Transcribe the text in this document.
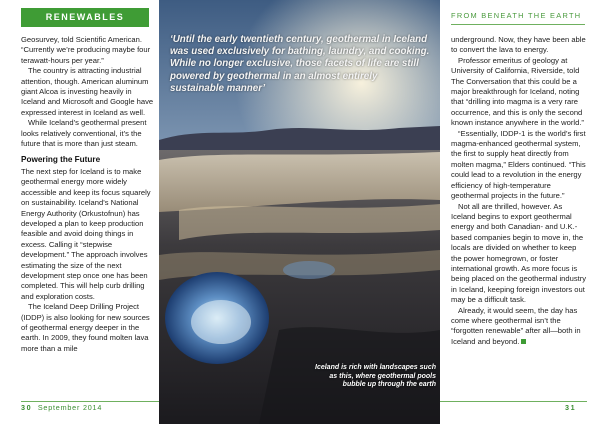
RENEWABLES	FROM BENEATH THE EARTH

Geosurvey, told Scientific American. “Currently we’re producing maybe four terawatt-hours per year.”

The country is attracting industrial attention, though. American aluminum giant Alcoa is investing heavily in Iceland and Microsoft and Google have expressed interest in Iceland as well.

While Iceland’s geothermal present looks relatively conventional, it’s the future that is more than just steam.

Powering the Future

The next step for Iceland is to make geothermal energy more widely accessible and keep its focus squarely on sustainability. Iceland’s National Energy Authority (Orkustofnun) has developed a plan to keep production feasible and avoid doing things in excess. Calling it “stepwise development.” The approach involves estimating the size of the next development step once one has been completed. This will help curb drilling and exploration costs.

The Iceland Deep Drilling Project (IDDP) is also looking for new sources of geothermal energy deeper in the earth. In 2009, they found molten lava more than a mile

‘Until the early twentieth century, geothermal in Iceland was used exclusively for bathing, laundry, and cooking. While no longer exclusive, those facets of life are still powered by geothermal in an almost entirely sustainable manner’
Iceland is rich with landscapes such as this, where geothermal pools bubble up through the earth

underground. Now, they have been able to convert the lava to energy.

Professor emeritus of geology at University of California, Riverside, told The Conversation that this could be a major breakthrough for Iceland, noting that “drilling into magma is a very rare occurrence, and this is only the second known instance anywhere in the world.”

“Essentially, IDDP-1 is the world’s first magma-enhanced geothermal system, the first to supply heat directly from molten magma,” Elders continued. “This could lead to a revolution in the energy efficiency of high-temperature geothermal projects in the future.”

Not all are thrilled, however. As Iceland begins to export geothermal energy and both Canadian- and U.K.-based companies begin to move in, the locals are divided on whether to keep the power homegrown, or foster international growth. As more focus is being placed on the geothermal industry in Iceland, keeping foreign investors out may be a difficult task.

Already, it would seem, the day has come where geothermal isn’t the “forgotten renewable” after all—both in Iceland and beyond.

30 September 2014	31
